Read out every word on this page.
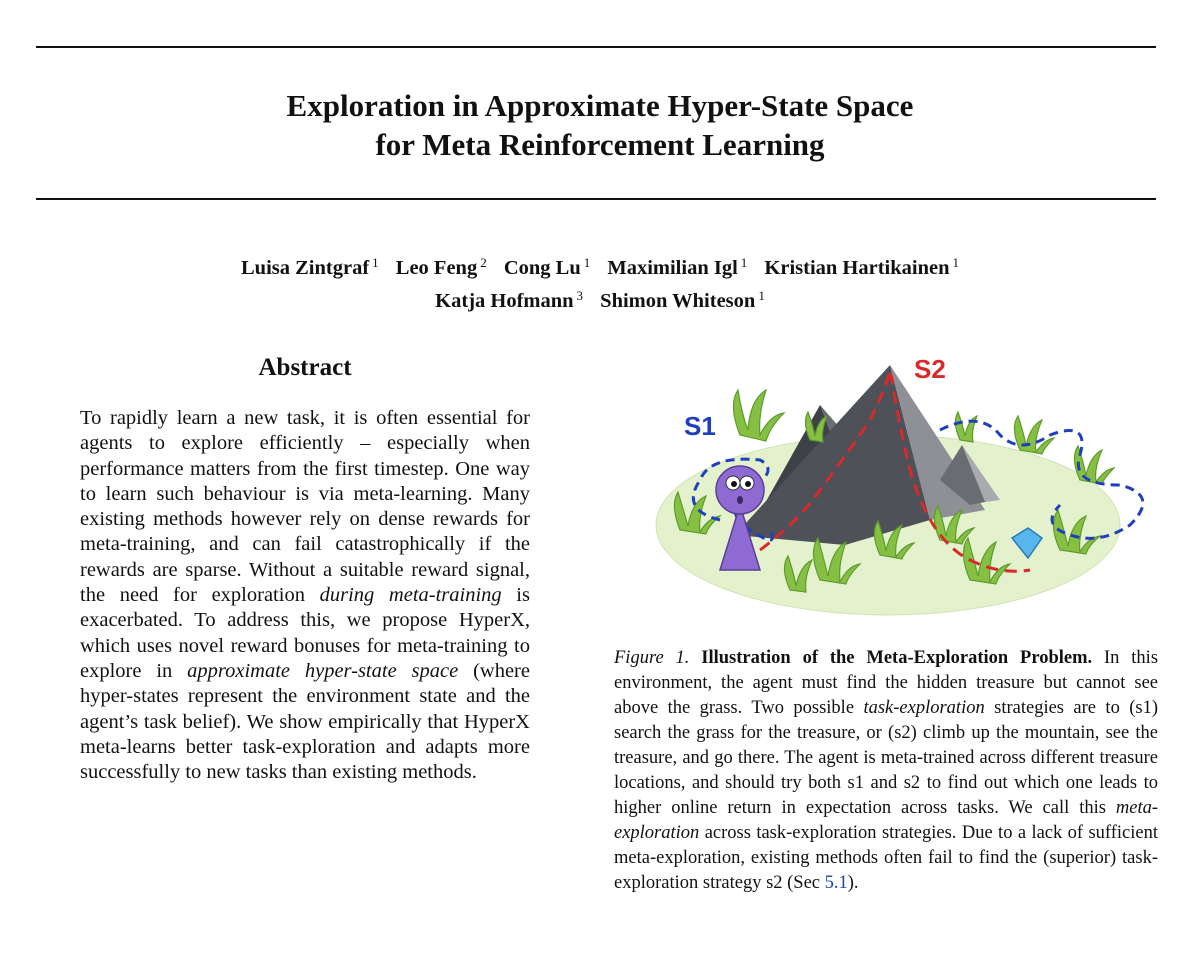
Exploration in Approximate Hyper-State Space
for Meta Reinforcement Learning
Luisa Zintgraf $^1$ Leo Feng $^2$ Cong Lu $^1$ Maximilian Igl $^1$ Kristian Hartikainen $^1$
Katja Hofmann $^3$ Shimon Whiteson $^1$
Abstract
To rapidly learn a new task, it is often essential for agents to explore efficiently – especially when performance matters from the first timestep. One way to learn such behaviour is via meta-learning. Many existing methods however rely on dense rewards for meta-training, and can fail catastrophically if the rewards are sparse. Without a suitable reward signal, the need for exploration during meta-training is exacerbated. To address this, we propose HyperX, which uses novel reward bonuses for meta-training to explore in approximate hyper-state space (where hyper-states represent the environment state and the agent’s task belief). We show empirically that HyperX meta-learns better task-exploration and adapts more successfully to new tasks than existing methods.
S1
S2
Figure 1. Illustration of the Meta-Exploration Problem. In this environment, the agent must find the hidden treasure but cannot see above the grass. Two possible task-exploration strategies are to (s1) search the grass for the treasure, or (s2) climb up the mountain, see the treasure, and go there. The agent is meta-trained across different treasure locations, and should try both s1 and s2 to find out which one leads to higher online return in expectation across tasks. We call this meta-exploration across task-exploration strategies. Due to a lack of sufficient meta-exploration, existing methods often fail to find the (superior) task-exploration strategy s2 (Sec 5.1).
